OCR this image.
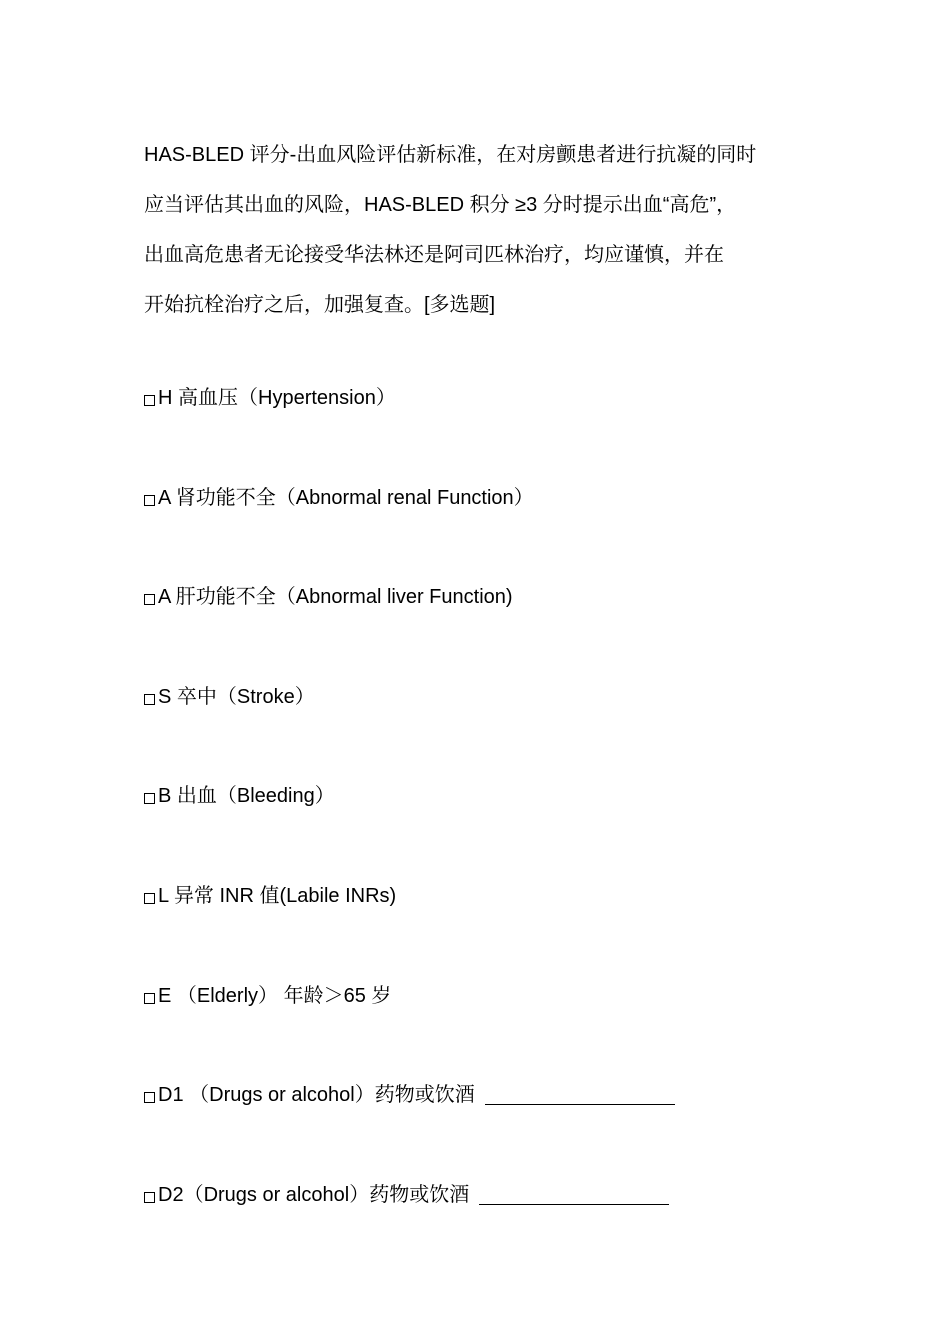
HAS-BLED 评分-出血风险评估新标准，在对房颤患者进行抗凝的同时
应当评估其出血的风险，HAS-BLED 积分 ≥3 分时提示出血“高危”，
出血高危患者无论接受华法林还是阿司匹林治疗，均应谨慎，并在
开始抗栓治疗之后，加强复查。[多选题]
H 高血压（Hypertension）
A 肾功能不全（Abnormal renal Function）
A 肝功能不全（Abnormal liver Function)
S 卒中（Stroke）
B 出血（Bleeding）
L 异常 INR 值(Labile INRs)
E （Elderly） 年龄＞65 岁
D1 （Drugs or alcohol）药物或饮酒
D2（Drugs or alcohol）药物或饮酒
